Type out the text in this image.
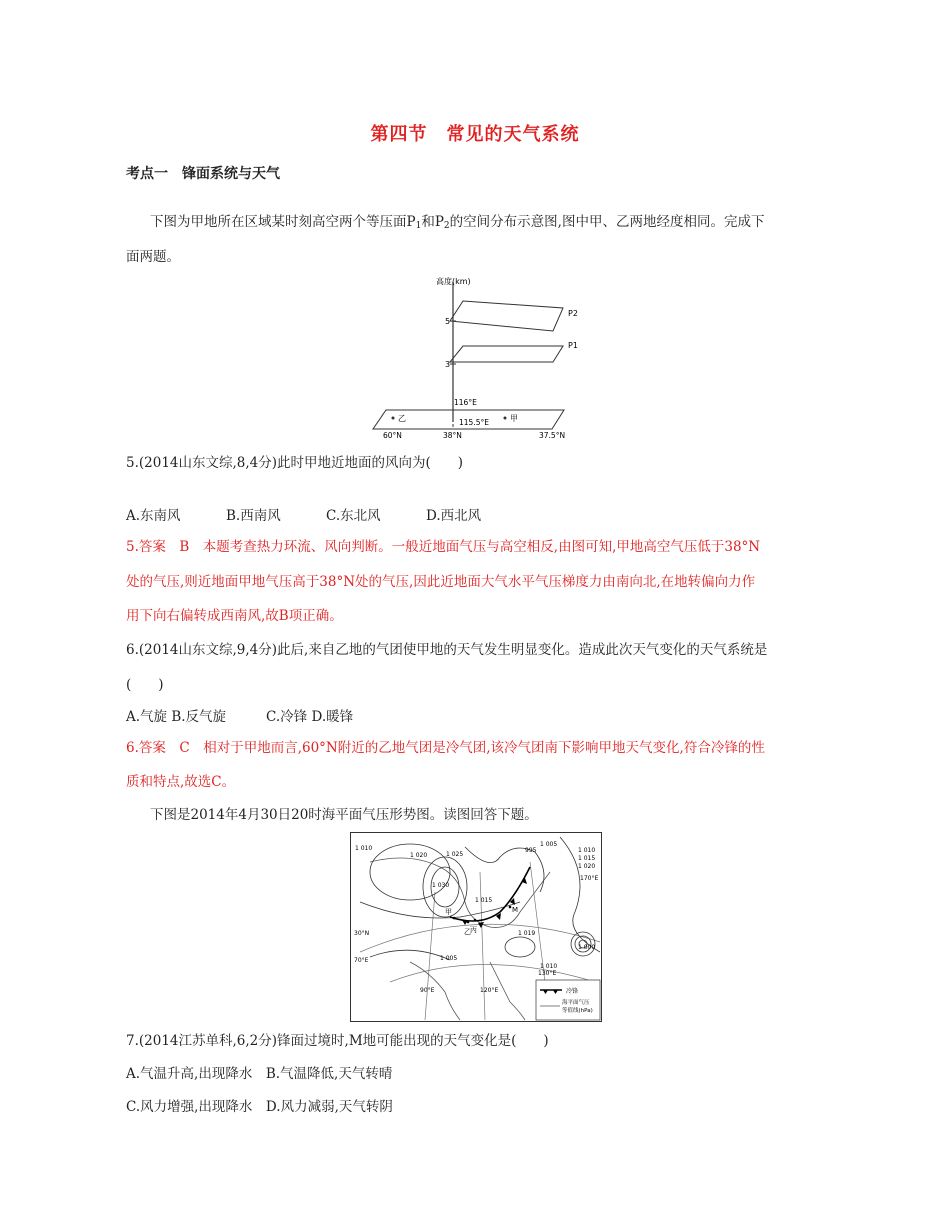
第四节　常见的天气系统
考点一　锋面系统与天气
下图为甲地所在区域某时刻高空两个等压面$P_1$和$P_2$的空间分布示意图,图中甲、乙两地经度相同。完成下
面两题。
高度(km)
5
3
P2
P1
116°E
115.5°E	甲
乙
60°N	38°N	37.5°N
5.(2014山东文综,8,4分)此时甲地近地面的风向为(　　)
A.东南风	B.西南风	C.东北风	D.西北风
5.答案　B　本题考查热力环流、风向判断。一般近地面气压与高空相反,由图可知,甲地高空气压低于38°N
处的气压,则近地面甲地气压高于38°N处的气压,因此近地面大气水平气压梯度力由南向北,在地转偏向力作
用下向右偏转成西南风,故B项正确。
6.(2014山东文综,9,4分)此后,来自乙地的气团使甲地的天气发生明显变化。造成此次天气变化的天气系统是
(　　)
A.气旋 B.反气旋	C.冷锋 D.暖锋
6.答案　C　相对于甲地而言,60°N附近的乙地气团是冷气团,该冷气团南下影响甲地天气变化,符合冷锋的性
质和特点,故选C。
下图是2014年4月30日20时海平面气压形势图。读图回答下题。
1 010
1 020	1 025
1 030
1 005
1 010
1 015
1 020
1 015
1 019
1 005
1 010
1 000
995
甲
乙 丙
M
90°E	120°E
130°E
70°E
30°N
170°E
冷锋
海平面气压
等值线(hPa)
7.(2014江苏单科,6,2分)锋面过境时,M地可能出现的天气变化是(　　)
A.气温升高,出现降水　B.气温降低,天气转晴
C.风力增强,出现降水　D.风力减弱,天气转阴
